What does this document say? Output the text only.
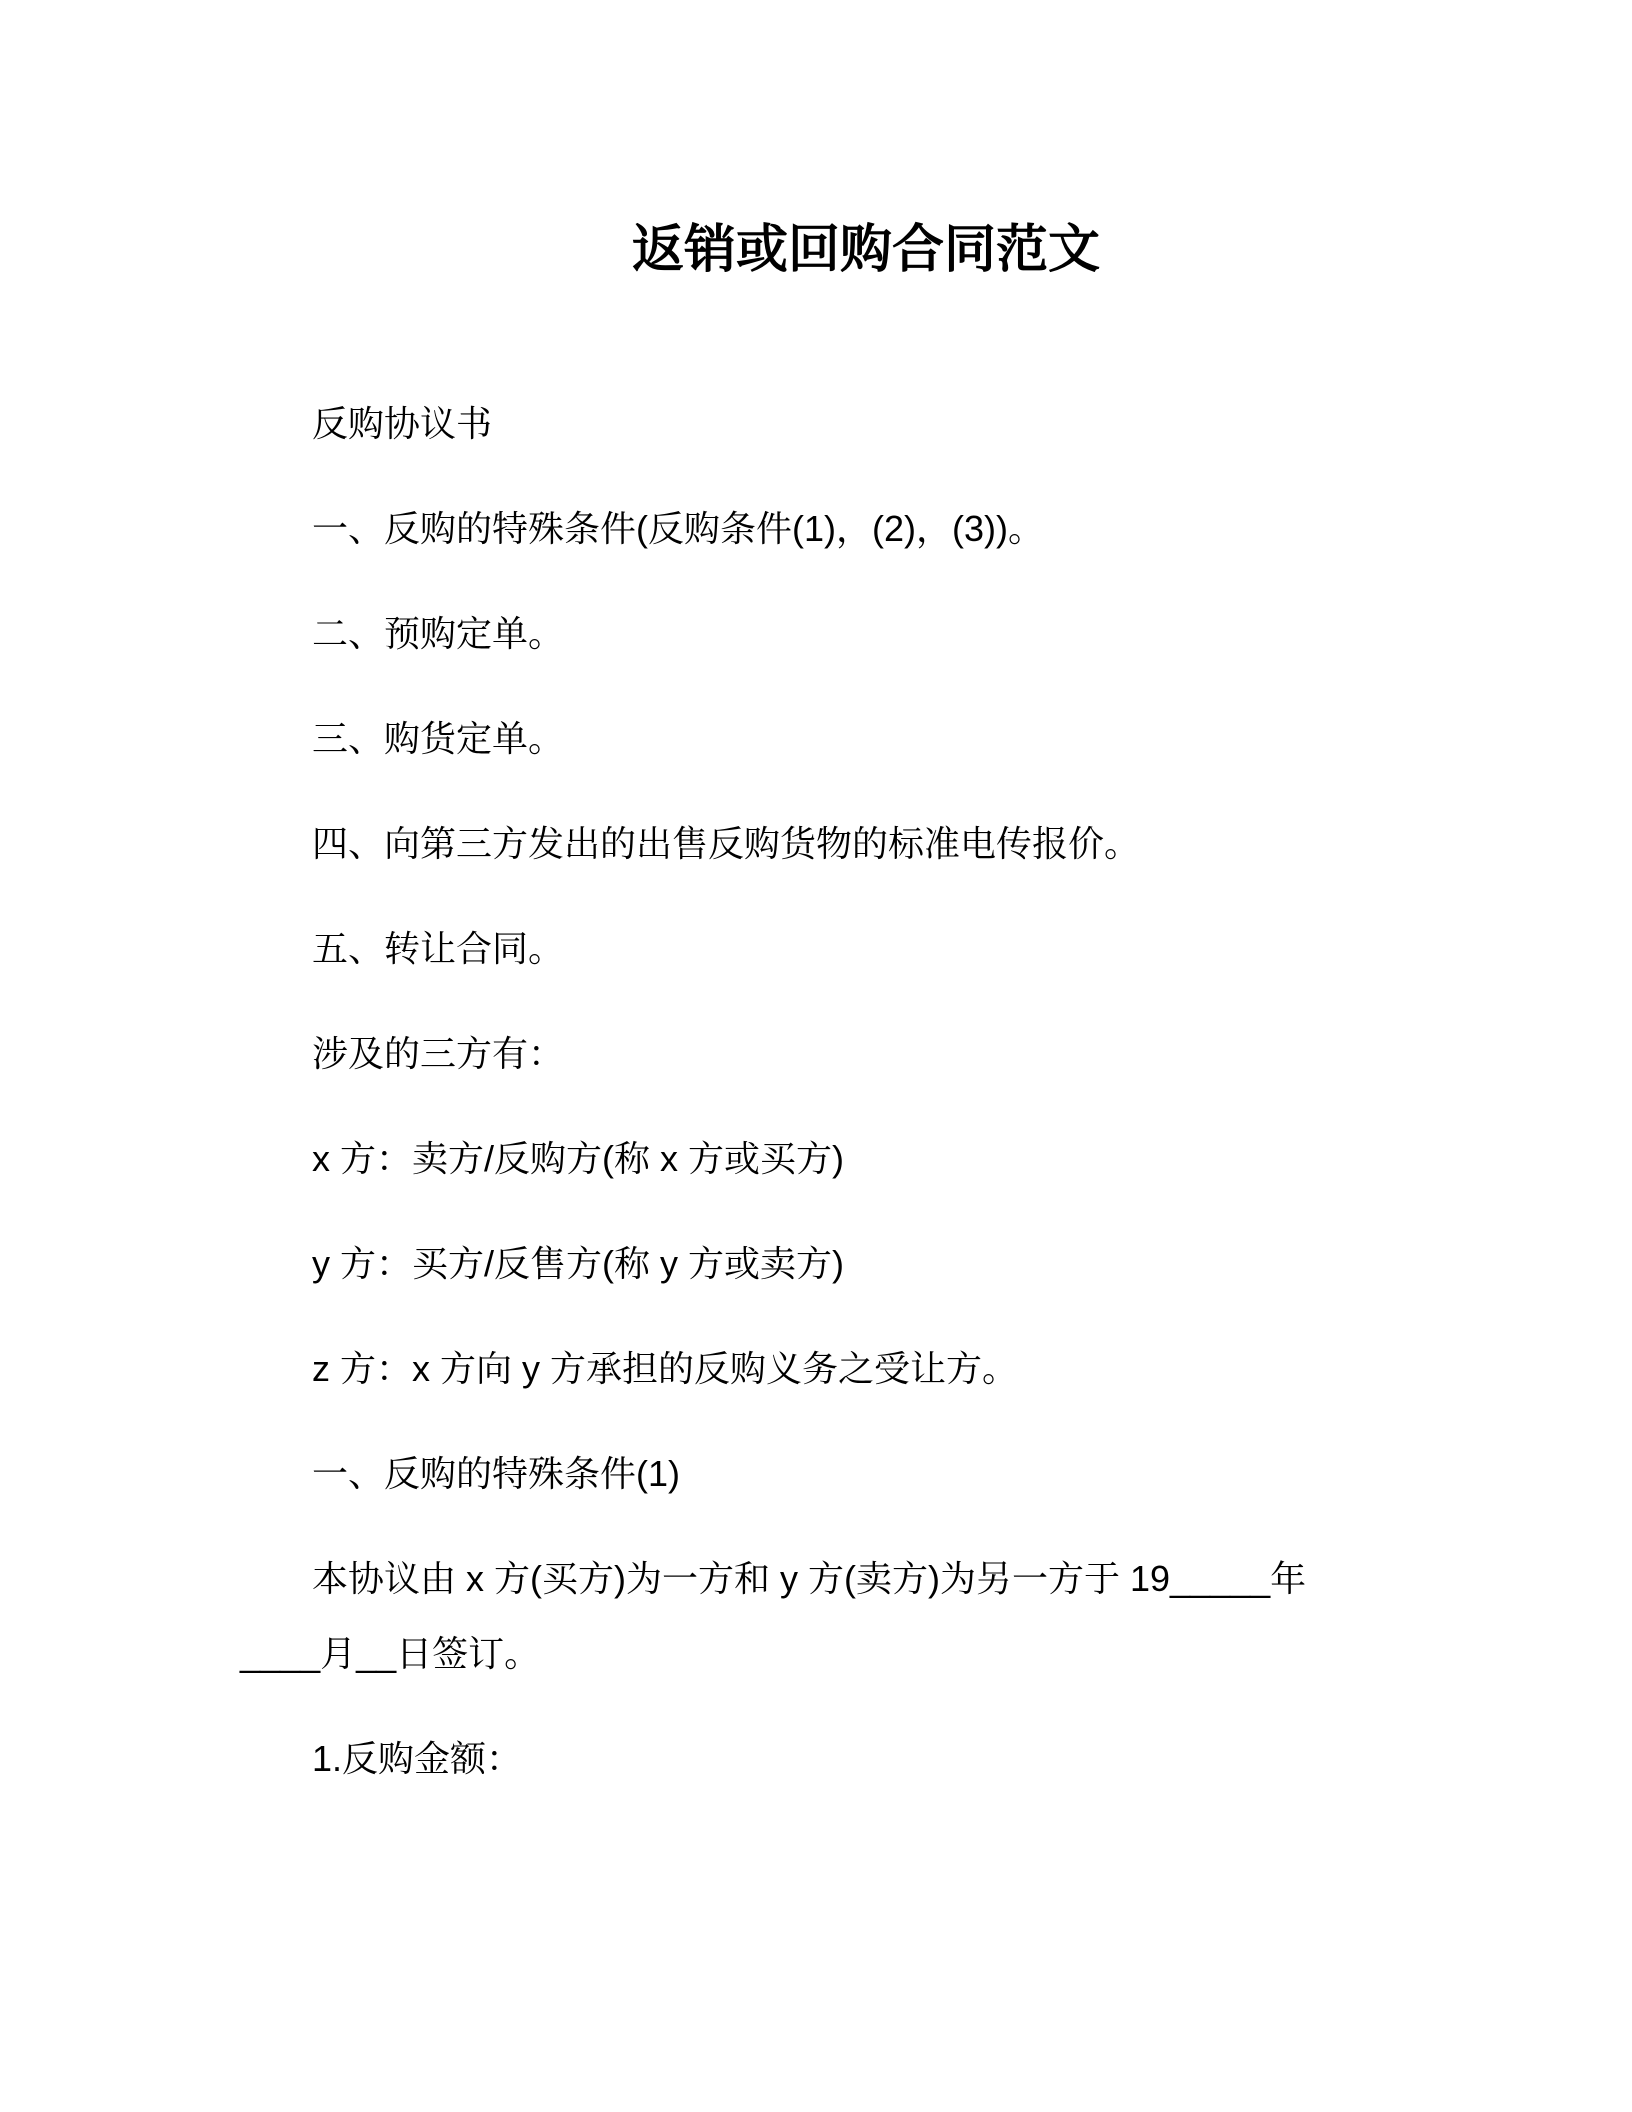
返销或回购合同范文
反购协议书
一、反购的特殊条件(反购条件(1)，(2)，(3))。
二、预购定单。
三、购货定单。
四、向第三方发出的出售反购货物的标准电传报价。
五、转让合同。
涉及的三方有：
x 方：卖方/反购方(称 x 方或买方)
y 方：买方/反售方(称 y 方或卖方)
z 方：x 方向 y 方承担的反购义务之受让方。
一、反购的特殊条件(1)
本协议由 x 方(买方)为一方和 y 方(卖方)为另一方于 19_____年
____月__日签订。
1.反购金额：
